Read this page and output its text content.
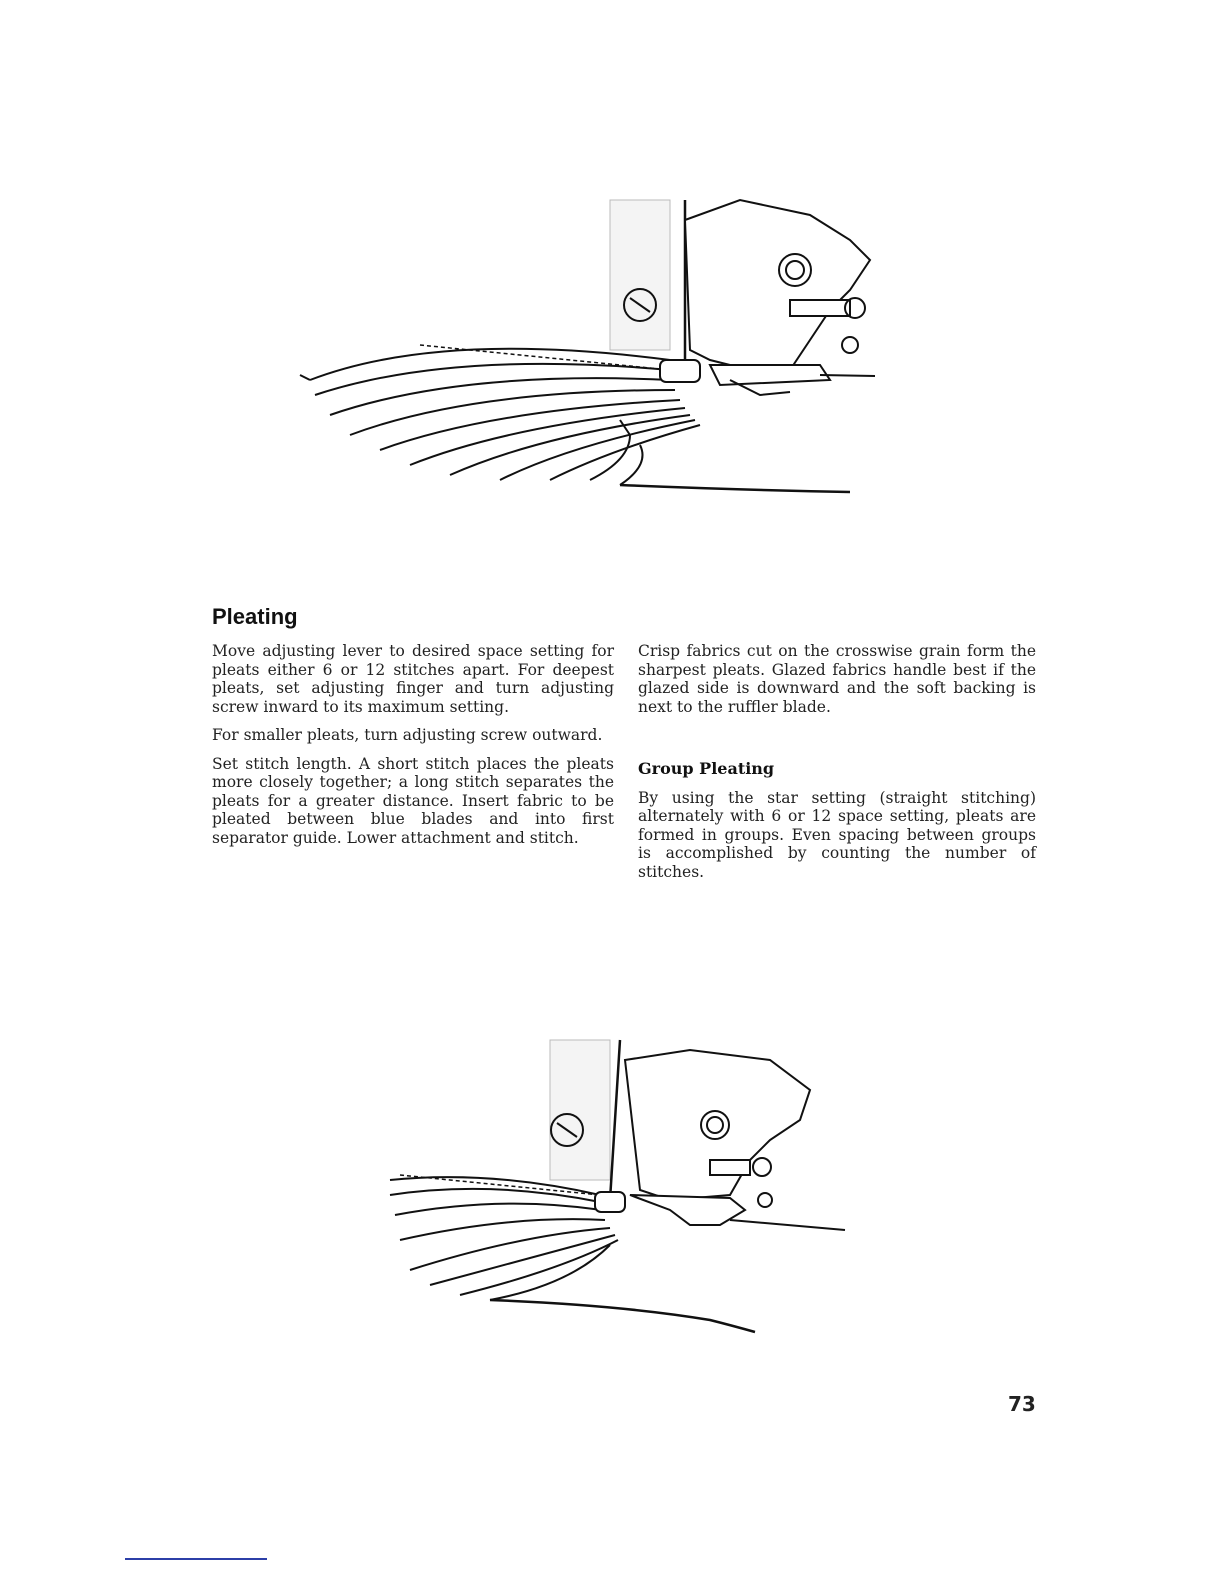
Pleating

Move adjusting lever to desired space setting for pleats either 6 or 12 stitches apart. For deepest pleats, set adjusting finger and turn adjusting screw inward to its maximum setting.

For smaller pleats, turn adjusting screw outward.

Set stitch length. A short stitch places the pleats more closely together; a long stitch separates the pleats for a greater distance. Insert fabric to be pleated between blue blades and into first separator guide. Lower attachment and stitch.

Crisp fabrics cut on the crosswise grain form the sharpest pleats. Glazed fabrics handle best if the glazed side is downward and the soft backing is next to the ruffler blade.

Group Pleating

By using the star setting (straight stitching) alternately with 6 or 12 space setting, pleats are formed in groups. Even spacing between groups is accomplished by counting the number of stitches.

73
